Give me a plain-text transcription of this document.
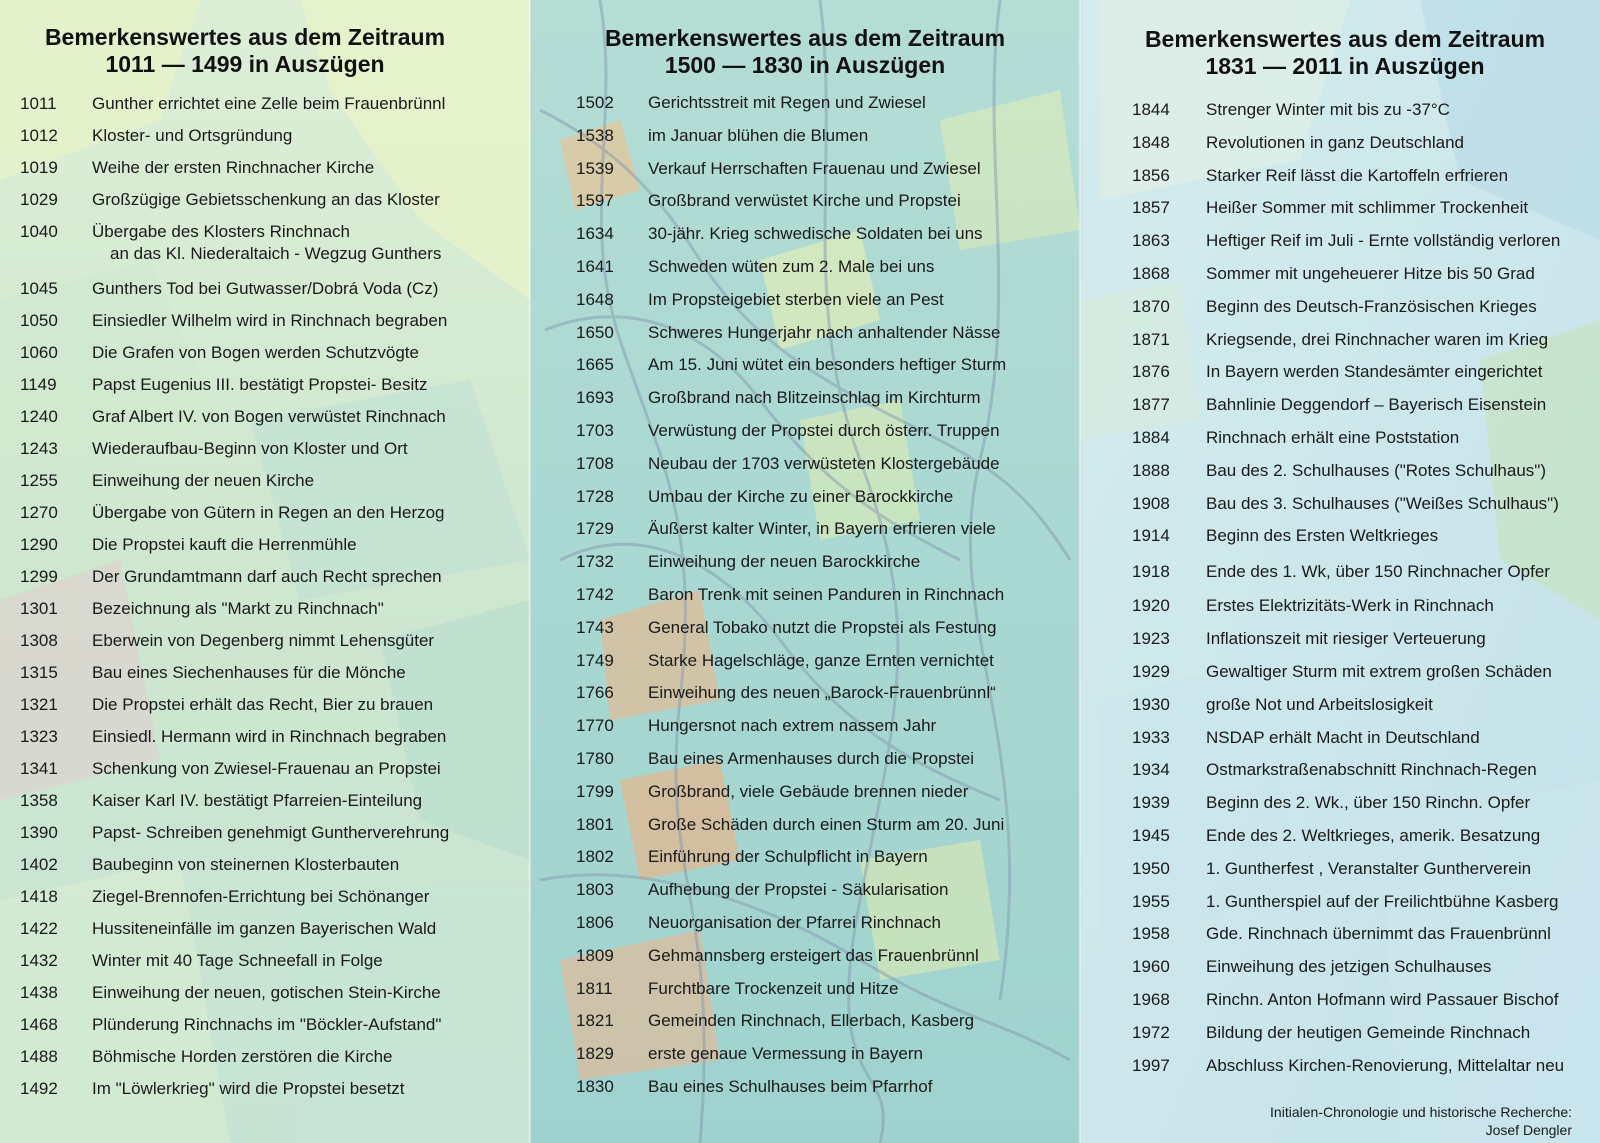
Bemerkenswertes aus dem Zeitraum
1011 — 1499 in Auszügen
1011	Gunther errichtet eine Zelle beim Frauenbrünnl
1012	Kloster- und Ortsgründung
1019	Weihe der ersten Rinchnacher Kirche
1029	Großzügige Gebietsschenkung an das Kloster
1040	Übergabe des Klosters Rinchnach
an das Kl. Niederaltaich - Wegzug Gunthers
1045	Gunthers Tod bei Gutwasser/Dobrá Voda (Cz)
1050	Einsiedler Wilhelm wird in Rinchnach begraben
1060	Die Grafen von Bogen werden Schutzvögte
1149	Papst Eugenius III. bestätigt Propstei- Besitz
1240	Graf Albert IV. von Bogen verwüstet Rinchnach
1243	Wiederaufbau-Beginn von Kloster und Ort
1255	Einweihung der neuen Kirche
1270	Übergabe von Gütern in Regen an den Herzog
1290	Die Propstei kauft die Herrenmühle
1299	Der Grundamtmann darf auch Recht sprechen
1301	Bezeichnung als "Markt zu Rinchnach"
1308	Eberwein von Degenberg nimmt Lehensgüter
1315	Bau eines Siechenhauses für die Mönche
1321	Die Propstei erhält das Recht, Bier zu brauen
1323	Einsiedl. Hermann wird in Rinchnach begraben
1341	Schenkung von Zwiesel-Frauenau an Propstei
1358	Kaiser Karl IV. bestätigt Pfarreien-Einteilung
1390	Papst- Schreiben genehmigt Guntherverehrung
1402	Baubeginn von steinernen Klosterbauten
1418	Ziegel-Brennofen-Errichtung bei Schönanger
1422	Hussiteneinfälle im ganzen Bayerischen Wald
1432	Winter mit 40 Tage Schneefall in Folge
1438	Einweihung der neuen, gotischen Stein-Kirche
1468	Plünderung Rinchnachs im "Böckler-Aufstand"
1488	Böhmische Horden zerstören die Kirche
1492	Im "Löwlerkrieg" wird die Propstei besetzt
Bemerkenswertes aus dem Zeitraum
1500 — 1830 in Auszügen
1502	Gerichtsstreit mit Regen und Zwiesel
1538	im Januar blühen die Blumen
1539	Verkauf Herrschaften Frauenau und Zwiesel
1597	Großbrand verwüstet Kirche und Propstei
1634	30-jähr. Krieg schwedische Soldaten bei uns
1641	Schweden wüten zum 2. Male bei uns
1648	Im Propsteigebiet sterben viele an Pest
1650	Schweres Hungerjahr nach anhaltender Nässe
1665	Am 15. Juni wütet ein besonders heftiger Sturm
1693	Großbrand nach Blitzeinschlag im Kirchturm
1703	Verwüstung der Propstei durch österr. Truppen
1708	Neubau der 1703 verwüsteten Klostergebäude
1728	Umbau der Kirche zu einer Barockkirche
1729	Äußerst kalter Winter, in Bayern erfrieren viele
1732	Einweihung der neuen Barockkirche
1742	Baron Trenk mit seinen Panduren in Rinchnach
1743	General Tobako nutzt die Propstei als Festung
1749	Starke Hagelschläge, ganze Ernten vernichtet
1766	Einweihung des neuen „Barock-Frauenbrünnl“
1770	Hungersnot nach extrem nassem Jahr
1780	Bau eines Armenhauses durch die Propstei
1799	Großbrand, viele Gebäude brennen nieder
1801	Große Schäden durch einen Sturm am 20. Juni
1802	Einführung der Schulpflicht in Bayern
1803	Aufhebung der Propstei - Säkularisation
1806	Neuorganisation der Pfarrei Rinchnach
1809	Gehmannsberg ersteigert das Frauenbrünnl
1811	Furchtbare Trockenzeit und Hitze
1821	Gemeinden Rinchnach, Ellerbach, Kasberg
1829	erste genaue Vermessung in Bayern
1830	Bau eines Schulhauses beim Pfarrhof
Bemerkenswertes aus dem Zeitraum
1831 — 2011 in Auszügen
1844	Strenger Winter mit bis zu -37°C
1848	Revolutionen in ganz Deutschland
1856	Starker Reif lässt die Kartoffeln erfrieren
1857	Heißer Sommer mit schlimmer Trockenheit
1863	Heftiger Reif im Juli - Ernte vollständig verloren
1868	Sommer mit ungeheuerer Hitze bis 50 Grad
1870	Beginn des Deutsch-Französischen Krieges
1871	Kriegsende, drei Rinchnacher waren im Krieg
1876	In Bayern werden Standesämter eingerichtet
1877	Bahnlinie Deggendorf – Bayerisch Eisenstein
1884	Rinchnach erhält eine Poststation
1888	Bau des 2. Schulhauses ("Rotes Schulhaus")
1908	Bau des 3. Schulhauses ("Weißes Schulhaus")
1914	Beginn des Ersten Weltkrieges
1918	Ende des 1. Wk, über 150 Rinchnacher Opfer
1920	Erstes Elektrizitäts-Werk in Rinchnach
1923	Inflationszeit mit riesiger Verteuerung
1929	Gewaltiger Sturm mit extrem großen Schäden
1930	große Not und Arbeitslosigkeit
1933	NSDAP erhält Macht in Deutschland
1934	Ostmarkstraßenabschnitt Rinchnach-Regen
1939	Beginn des 2. Wk., über 150 Rinchn. Opfer
1945	Ende des 2. Weltkrieges, amerik. Besatzung
1950	1. Guntherfest , Veranstalter Guntherverein
1955	1. Guntherspiel auf der Freilichtbühne Kasberg
1958	Gde. Rinchnach übernimmt das Frauenbrünnl
1960	Einweihung des jetzigen Schulhauses
1968	Rinchn. Anton Hofmann wird Passauer Bischof
1972	Bildung der heutigen Gemeinde Rinchnach
1997	Abschluss Kirchen-Renovierung, Mittelaltar neu
Initialen-Chronologie und historische Recherche:
Josef Dengler
